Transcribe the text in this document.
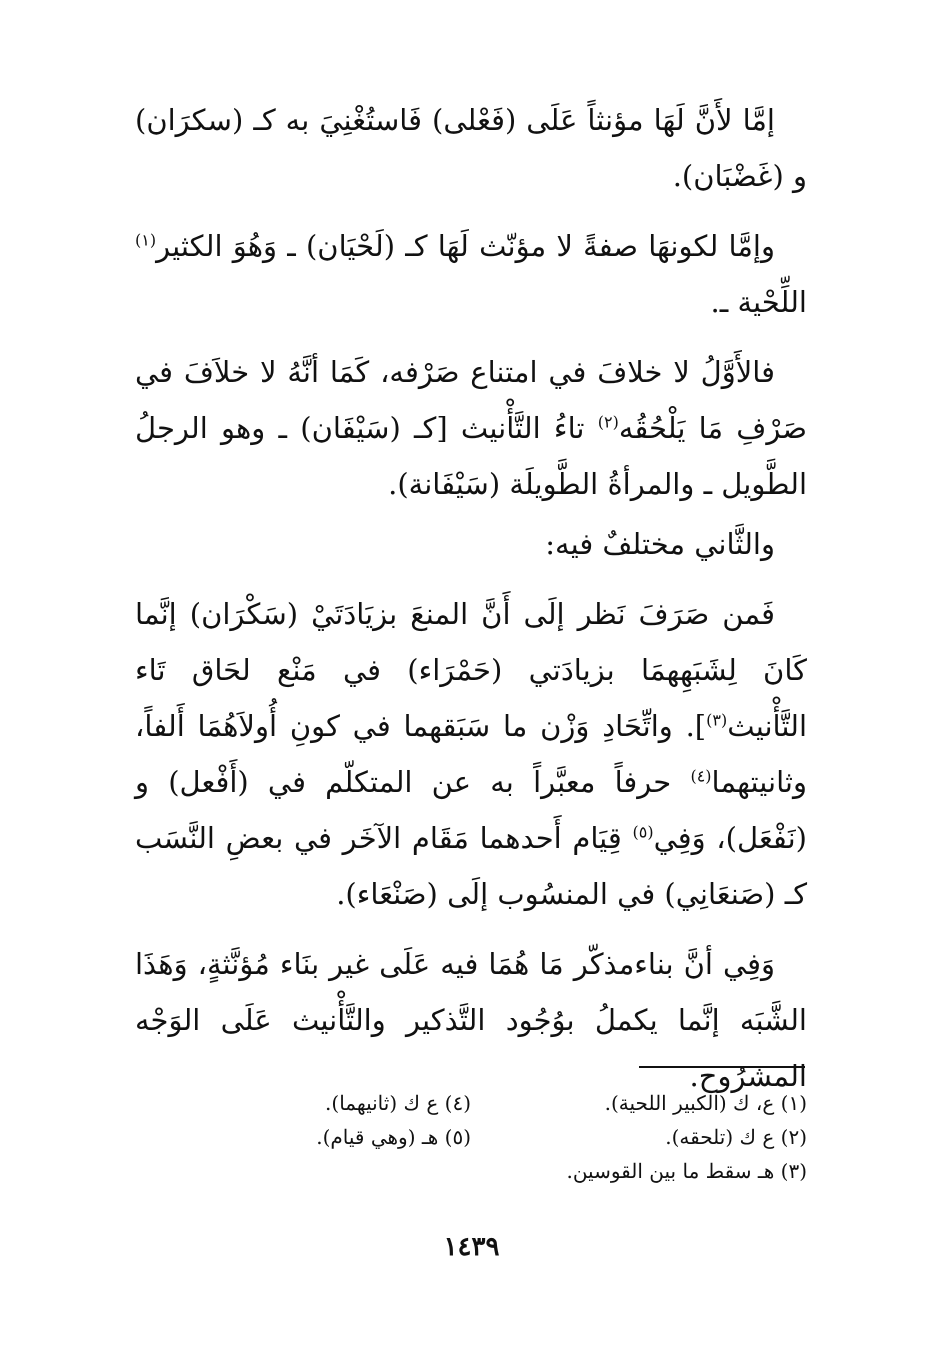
إمَّا لأَنَّ لَهَا مؤنثاً عَلَى (فَعْلى) فَاستُغْنِيَ به كـ (سكرَان) و (غَضْبَان).

وإمَّا لكونهَا صفةً لا مؤنّث لَهَا كـ (لَحْيَان) ـ وَهُوَ الكثير$^{(١)}$ اللِّحْية ـ.

فالأَوَّلُ لا خلافَ في امتناع صَرْفه، كَمَا أنَّهُ لا خلاَفَ في صَرْفِ مَا يَلْحُقُه$^{(٢)}$ تاءُ التَّأْنيث [كـ (سَيْفَان) ـ وهو الرجلُ الطَّويل ـ والمرأةُ الطَّويلَة (سَيْفَانة).

والثَّاني مختلفٌ فيه:

فَمن صَرَفَ نَظر إلَى أَنَّ المنعَ بزيَادَتَيْ (سَكْرَان) إنَّما كَانَ لِشَبَهِهمَا بزيادَتي (حَمْرَاء) في مَنْع لحَاق تَاء التَّأْنيث$^{(٣)}$]. واتِّحَادِ وَزْن ما سَبَقهما في كونِ أُولاَهُمَا أَلفاً، وثانيتهما$^{(٤)}$ حرفاً معبَّراً به عن المتكلّم في (أَفْعل) و (نَفْعَل)، وَفِي$^{(٥)}$ قِيَام أَحدهما مَقَام الآخَر في بعضِ النَّسَب كـ (صَنعَانِي) في المنسُوب إلَى (صَنْعَاء).

وَفِي أنَّ بناءمذكّر مَا هُمَا فيه عَلَى غير بنَاء مُؤنَّثةٍ، وَهَذَا الشَّبَه إنَّما يكملُ بوُجُود التَّذكير والتَّأْنيث عَلَى الوَجْه المشرُوح.

(١) ع، ك (الكبير اللحية).

(٢) ع ك (تلحقه).

(٣) هـ سقط ما بين القوسين.

(٤) ع ك (ثانيهما).

(٥) هـ (وهي قيام).

١٤٣٩
